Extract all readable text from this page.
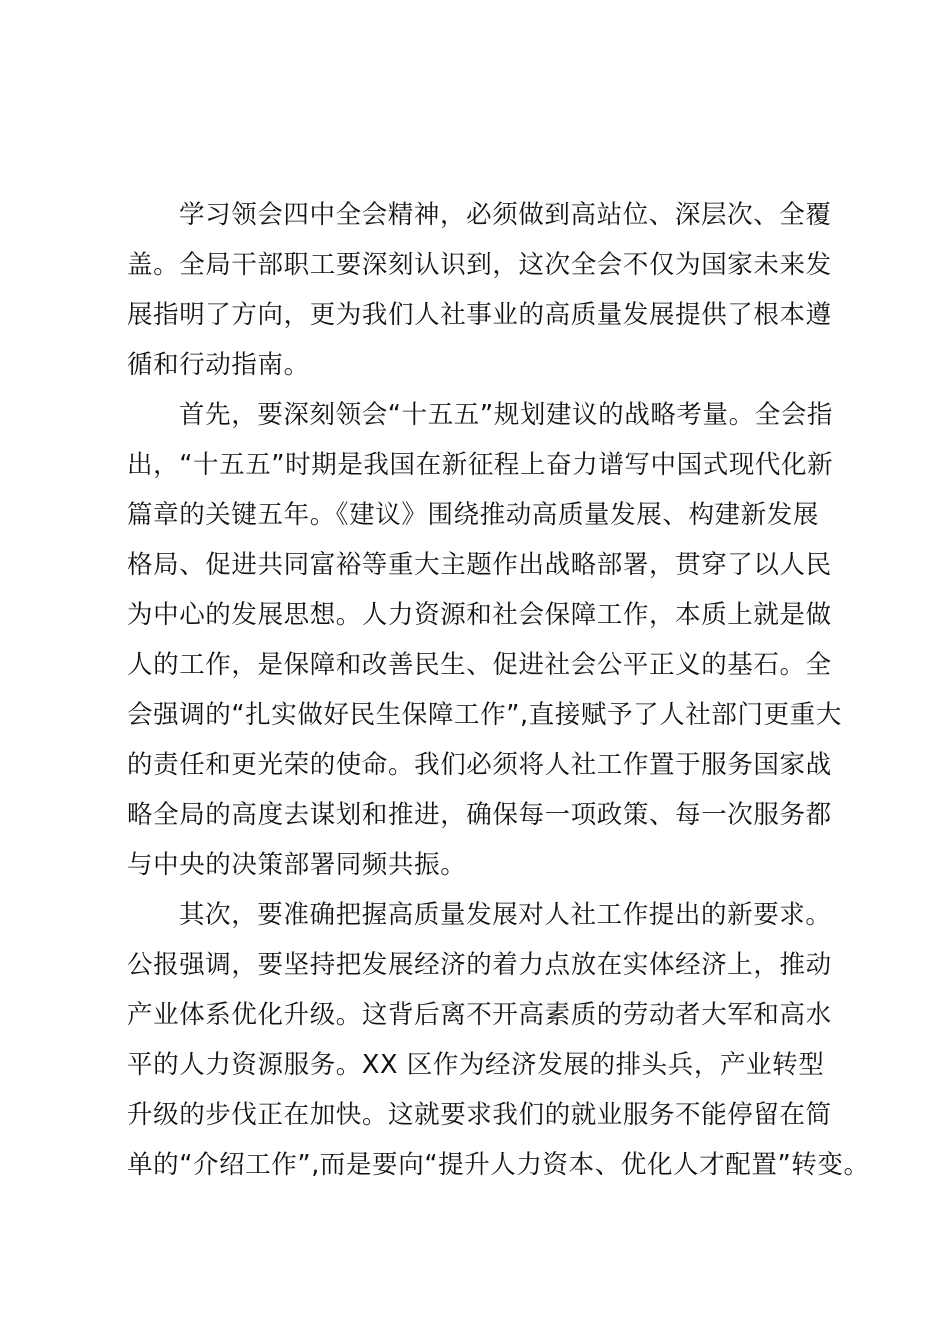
学习领会四中全会精神，必须做到高站位、深层次、全覆
盖。全局干部职工要深刻认识到，这次全会不仅为国家未来发
展指明了方向，更为我们人社事业的高质量发展提供了根本遵
循和行动指南。
首先，要深刻领会“十五五”规划建议的战略考量。全会指
出，“十五五”时期是我国在新征程上奋力谱写中国式现代化新
篇章的关键五年。《建议》围绕推动高质量发展、构建新发展
格局、促进共同富裕等重大主题作出战略部署，贯穿了以人民
为中心的发展思想。人力资源和社会保障工作，本质上就是做
人的工作，是保障和改善民生、促进社会公平正义的基石。全
会强调的“扎实做好民生保障工作”,直接赋予了人社部门更重大
的责任和更光荣的使命。我们必须将人社工作置于服务国家战
略全局的高度去谋划和推进，确保每一项政策、每一次服务都
与中央的决策部署同频共振。
其次，要准确把握高质量发展对人社工作提出的新要求。
公报强调，要坚持把发展经济的着力点放在实体经济上，推动
产业体系优化升级。这背后离不开高素质的劳动者大军和高水
平的人力资源服务。XX 区作为经济发展的排头兵，产业转型
升级的步伐正在加快。这就要求我们的就业服务不能停留在简
单的“介绍工作”,而是要向“提升人力资本、优化人才配置”转变。
